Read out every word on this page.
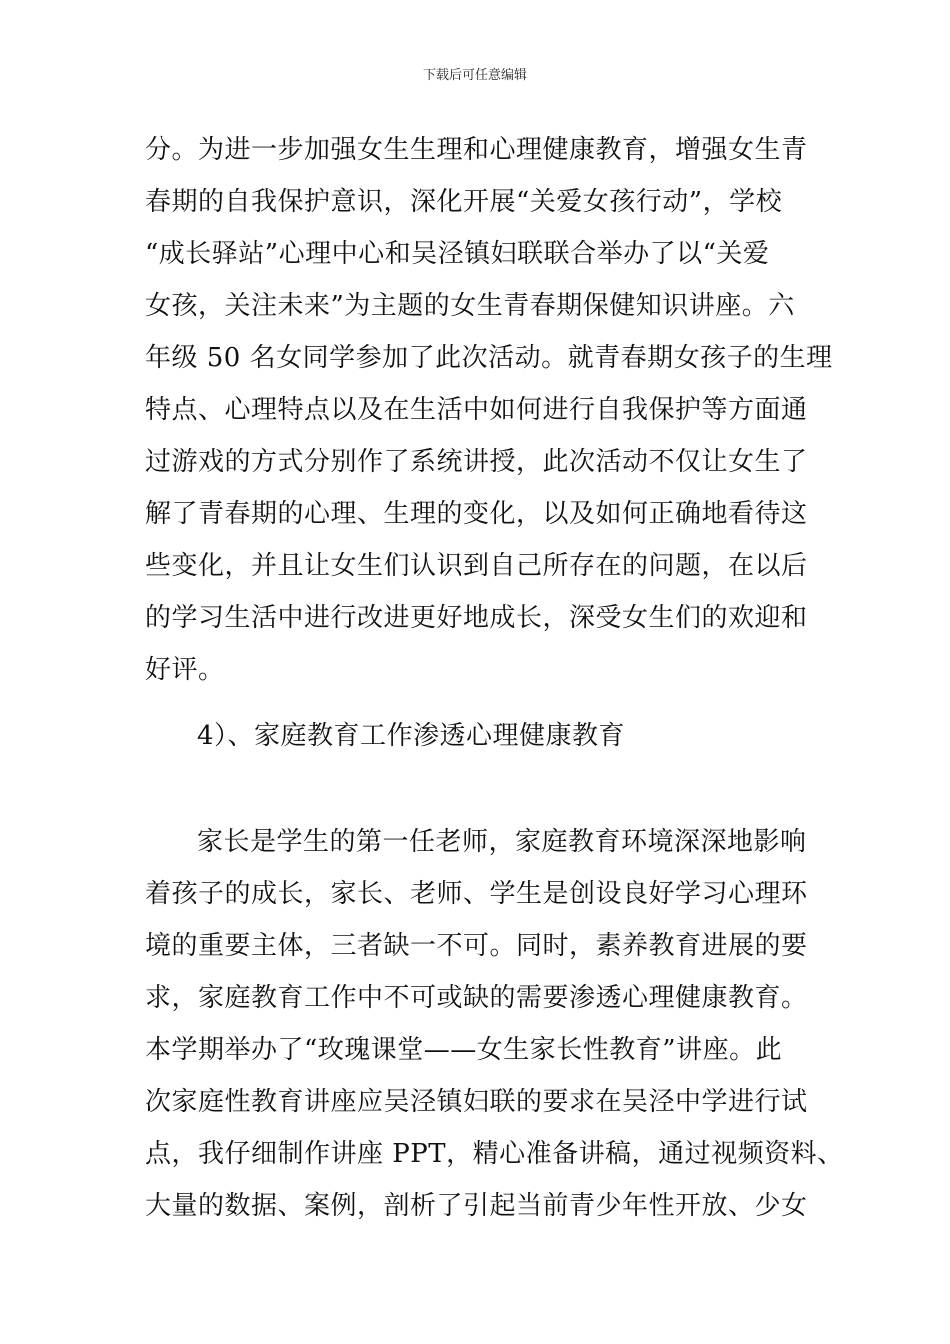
下载后可任意编辑
分。为进一步加强女生生理和心理健康教育，增强女生青
春期的自我保护意识，深化开展“关爱女孩行动”，学校
“成长驿站”心理中心和吴泾镇妇联联合举办了以“关爱
女孩，关注未来”为主题的女生青春期保健知识讲座。六
年级 50 名女同学参加了此次活动。就青春期女孩子的生理
特点、心理特点以及在生活中如何进行自我保护等方面通
过游戏的方式分别作了系统讲授，此次活动不仅让女生了
解了青春期的心理、生理的变化，以及如何正确地看待这
些变化，并且让女生们认识到自己所存在的问题，在以后
的学习生活中进行改进更好地成长，深受女生们的欢迎和
好评。
4）、家庭教育工作渗透心理健康教育
家长是学生的第一任老师，家庭教育环境深深地影响
着孩子的成长，家长、老师、学生是创设良好学习心理环
境的重要主体，三者缺一不可。同时，素养教育进展的要
求，家庭教育工作中不可或缺的需要渗透心理健康教育。
本学期举办了“玫瑰课堂——女生家长性教育”讲座。此
次家庭性教育讲座应吴泾镇妇联的要求在吴泾中学进行试
点，我仔细制作讲座 PPT，精心准备讲稿，通过视频资料、
大量的数据、案例，剖析了引起当前青少年性开放、少女
